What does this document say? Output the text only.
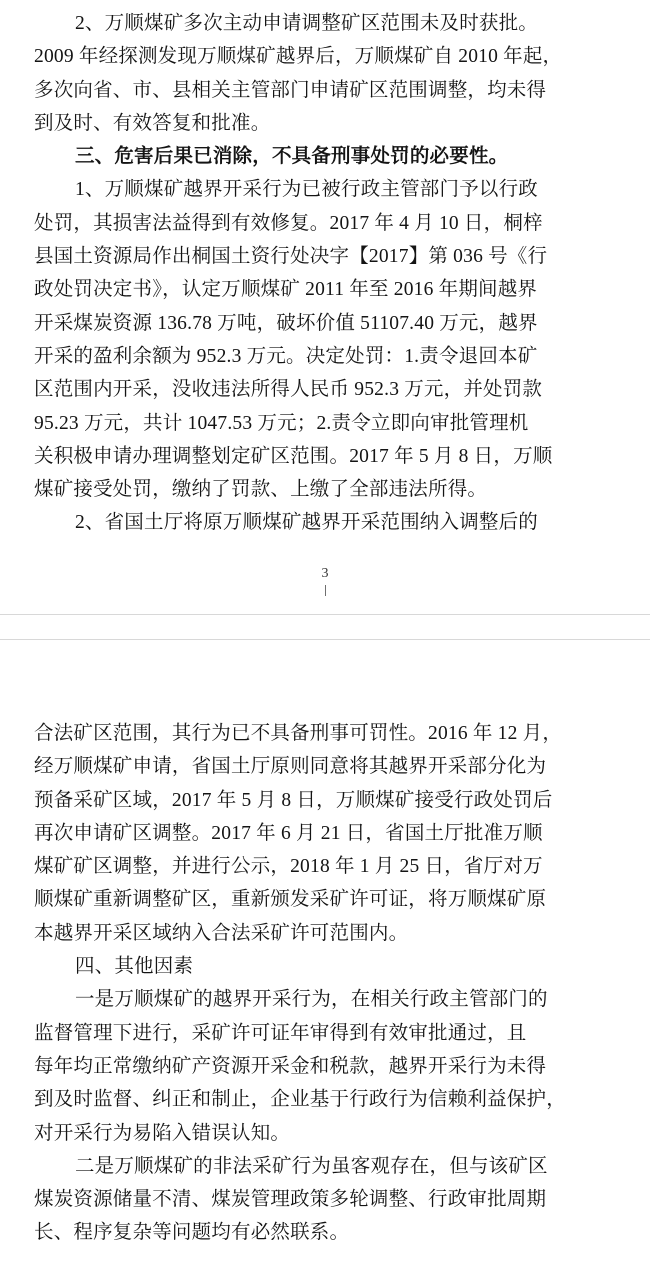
2、万顺煤矿多次主动申请调整矿区范围未及时获批。

2009 年经探测发现万顺煤矿越界后，万顺煤矿自 2010 年起，

多次向省、市、县相关主管部门申请矿区范围调整，均未得

到及时、有效答复和批准。

三、危害后果已消除，不具备刑事处罚的必要性。

1、万顺煤矿越界开采行为已被行政主管部门予以行政

处罚，其损害法益得到有效修复。2017 年 4 月 10 日，桐梓

县国土资源局作出桐国土资行处决字【2017】第 036 号《行

政处罚决定书》，认定万顺煤矿 2011 年至 2016 年期间越界

开采煤炭资源 136.78 万吨，破坏价值 51107.40 万元，越界

开采的盈利余额为 952.3 万元。决定处罚：1.责令退回本矿

区范围内开采，没收违法所得人民币 952.3 万元，并处罚款

95.23 万元，共计 1047.53 万元；2.责令立即向审批管理机

关积极申请办理调整划定矿区范围。2017 年 5 月 8 日，万顺

煤矿接受处罚，缴纳了罚款、上缴了全部违法所得。

2、省国土厅将原万顺煤矿越界开采范围纳入调整后的

3

合法矿区范围，其行为已不具备刑事可罚性。2016 年 12 月，

经万顺煤矿申请，省国土厅原则同意将其越界开采部分化为

预备采矿区域，2017 年 5 月 8 日，万顺煤矿接受行政处罚后

再次申请矿区调整。2017 年 6 月 21 日，省国土厅批准万顺

煤矿矿区调整，并进行公示，2018 年 1 月 25 日，省厅对万

顺煤矿重新调整矿区，重新颁发采矿许可证，将万顺煤矿原

本越界开采区域纳入合法采矿许可范围内。

四、其他因素

一是万顺煤矿的越界开采行为，在相关行政主管部门的

监督管理下进行，采矿许可证年审得到有效审批通过，且

每年均正常缴纳矿产资源开采金和税款，越界开采行为未得

到及时监督、纠正和制止，企业基于行政行为信赖利益保护，

对开采行为易陷入错误认知。

二是万顺煤矿的非法采矿行为虽客观存在，但与该矿区

煤炭资源储量不清、煤炭管理政策多轮调整、行政审批周期

长、程序复杂等问题均有必然联系。
